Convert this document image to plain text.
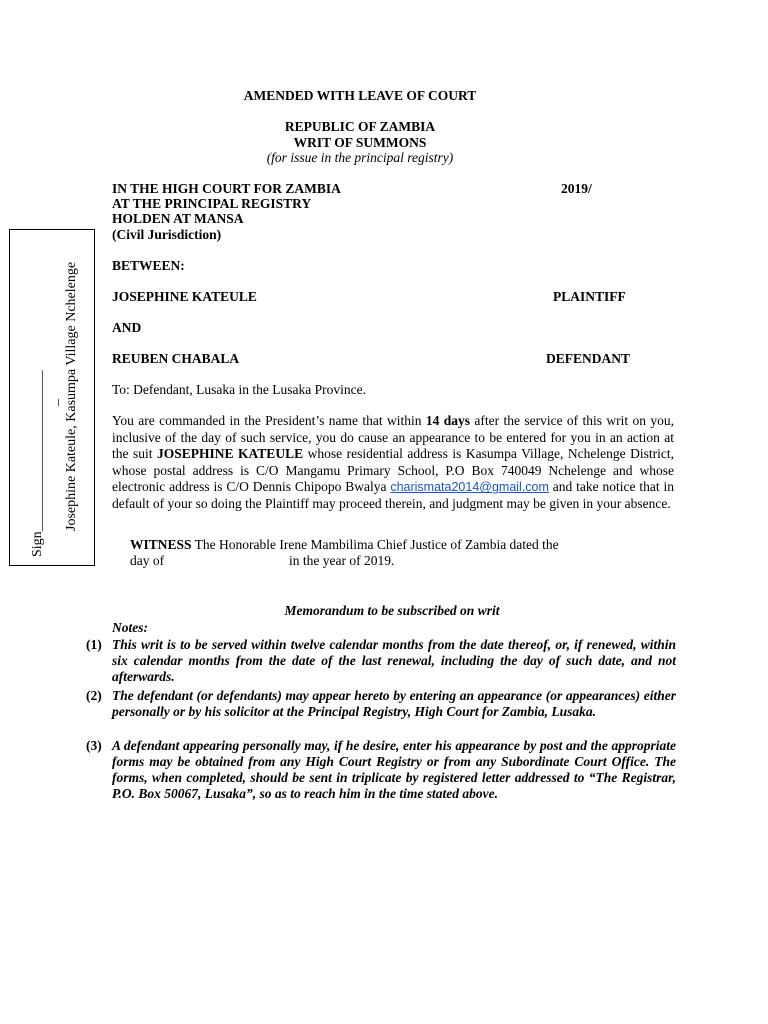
AMENDED WITH LEAVE OF COURT
REPUBLIC OF ZAMBIA
WRIT OF SUMMONS
(for issue in the principal registry)
IN THE HIGH COURT FOR ZAMBIA	2019/
AT THE PRINCIPAL REGISTRY
HOLDEN AT MANSA
(Civil Jurisdiction)
BETWEEN:
JOSEPHINE KATEULE	PLAINTIFF
AND
REUBEN CHABALA	DEFENDANT
To: Defendant, Lusaka in the Lusaka Province.
You are commanded in the President’s name that within 14 days after the service of this writ on you, inclusive of the day of such service, you do cause an appearance to be entered for you in an action at the suit JOSEPHINE KATEULE whose residential address is Kasumpa Village, Nchelenge District, whose postal address is C/O Mangamu Primary School, P.O Box 740049 Nchelenge and whose electronic address is C/O Dennis Chipopo Bwalya charismata2014@gmail.com and take notice that in default of your so doing the Plaintiff may proceed therein, and judgment may be given in your absence.
WITNESS The Honorable Irene Mambilima Chief Justice of Zambia dated the
day of	in the year of 2019.
Memorandum to be subscribed on writ
Notes:
(1) This writ is to be served within twelve calendar months from the date thereof, or, if renewed, within six calendar months from the date of the last renewal, including the day of such date, and not afterwards.
(2) The defendant (or defendants) may appear hereto by entering an appearance (or appearances) either personally or by his solicitor at the Principal Registry, High Court for Zambia, Lusaka.
(3) A defendant appearing personally may, if he desire, enter his appearance by post and the appropriate forms may be obtained from any High Court Registry or from any Subordinate Court Office. The forms, when completed, should be sent in triplicate by registered letter addressed to “The Registrar, P.O. Box 50067, Lusaka”, so as to reach him in the time stated above.
Sign_______________________ _ Josephine Kateule, Kasumpa Village Nchelenge
